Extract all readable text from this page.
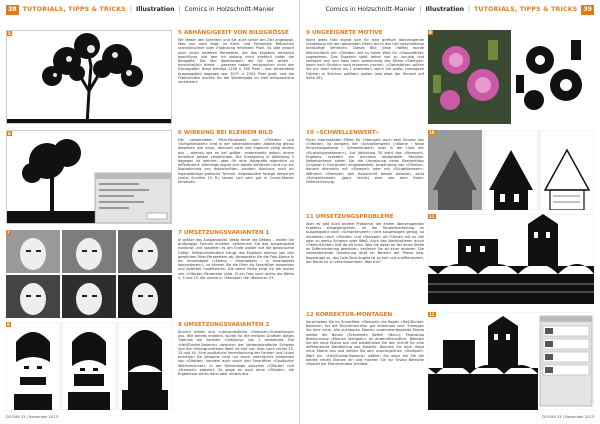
38 TUTORIALS, TIPPS & TRICKS | Illustration | Comics in Holzschnitt-Manier
5	5 ABHÄNGIGKEIT VON BILDGRÖSSE

Wir dieser den Schritten und Sie auch schon am Ziel angelangt. Was nun noch folgt, ist Klein- und Feinarbeit; Retuschen unerwünschter oder Ergänzung fehlender Pixel. Es gibt jedoch noch einen weiteren Parameter, der das Ergebnis erheblich beeinflusst und den ich bislang nicht erwähnt habe: die Bildgröße. Die fünf Abbildungen, die Sie hier sehen – einschließlich dieser – gesehen haben, entsprechen nicht der Druckgröße! Diese beträgt 1258 × 780 Pixel – das verwendete Ausgangsbild dagegen war 2072 × 2304 Pixel groß, und die Filterschritte wurden für die Wiedergabe im Heft entsprechend verkleinert.

6	6 WIRKUNG BEI KLEINEM BILD

Die verwendeten Filter-Parameter von »Ölfarbe« und »Schwellenwert« sind in der nebenstehenden Abbildung genau dieselben wie zuvor, dennoch sieht das Ergebnis völlig anders aus – ebenso wie es bei größer, andererseits jedoch einem erheblich besser vergleichbar. Die Umsetzung in Abbildung 5 dagegen ist weicher, aber für eine Holzgrafik eigentlich zu differenziert. Allerdings eignet sich dieses Verfahren nicht nur zur Nachahmung von Holzschnitten, sondern durchaus auch als eigenständige grafische Technik. Insbesondere farbige Versionen (siehe Schritte 13 ff.) lassen sich sehr gut in Comic-Manier einsetzen.

7	7 UMSETZUNGSVARIANTEN 1

Je größer das Ausgangsbild, desto feiner die Details – wollen Sie großzügige Formen erzielen, verkleinern Sie das Ausgangsbild zunächst und skalieren es am Ende wieder auf die gewünschte Größe. Selbstverständlich hängt das Ergebnis ebenso von den gewählten Filter-Parametern ab. Verwandeln Sie die Foto-Ebene in ein Smartobjekt (»Ebene › Smartobjekt › In Smartobjekt konvertieren«), so können Sie die Filter als Smartfilter anwenden und jederzeit modifizieren. Die obere Reihe zeigt für die ersten vier »Ölfarbe«-Parameter (Abb. 3) ein Foto nach rechts die Werte 2, 5 und 10, die untere in »Stempel« die »Balance« 25.

8	8 UMSETZUNGSVARIANTEN 2

Ähnlich wirken sich unterschiedliche »Stempel«-Einstellungen aus. Wie bereits erwähnt, wurde für die meisten Grafiken dieses Tutorials die normale »Glättung« von 1 verwendet. Die »Hell/Dunkel-Balance« zwischen der Vordergrundfarbe Schwarz und der Hintergrundfarbe Weiß ist hier von links nach rechts 15, 25 und 40. Eine zusätzliche Vereinfachung der Formen und Linien erreichen Sie übrigens nicht nur durch mehrfaches Anwenden von »Ölfarbe«, sondern auch durch den Smartfilter »Gaußscher Weichzeichner«, in der Reihenfolge zwischen »Ölfarbe« und »Stempel« platziert. So geige es auch ohne »Ölfarbe«, die Ergebnisse sehen dann aber anders aus.

DOCMA 33 | November 2013
Comics in Holzschnitt-Manier | Illustration | TUTORIALS, TIPPS & TRICKS 39
9 UNGEEIGNETE MOTIVE

Nicht jedes Foto eignet sich für eine grafisch überzeugende Umsetzung mit den genannten Filtern durch das hier beschriebene dreistufige Verfahren. Dieses Bild (linke Hälfte) wurde offensichtlich mit »Ölfarbe« wie zu hoher Wert für »Glanzstärke« zugewiesen. Das Ergebnis sieht daher viel zu unruhig und zerfasert aus und lässt nach Anwendung des Filters »Stempel« kaum noch Struktur nach erkennen (rechts). »Glanzstärke« sollten Sie nur dann höher als 1 anwenden, wenn Sie große, homogene Flächen in Strichen auflösen wollen (wie etwa der Himmel auf Seite 28).

9
10 »SCHWELLENWERT«

Einen interessanten Effekt für »Stempel« auch dem Einsatz von »Ölfarbe«, ist übrigens der »Schwellenwert« (»Ebene › Neue Einstellungsebene › Schwellenwert« oder in der Liste der »Einstellungsebenen«). Auf Abbildung 30 sieht das »Stempel«-Ergebnis, entsteht ein durchaus akzeptabler Resultat. Nebenstehend sehen Sie die Umsetzung eines Ebenenfotos (Original in Graustufen umgewandelt). Anwendung von »Ölfarbe«, danach alternativ mit »Stempel« oder mit »Schwellenwert«. Während »Stempel« den Holzschnitt besser betonen, wirkt »Schwellenwert« (ganz rechts) eher wie eine Feder-Federzeichnung.

10
11 UMSETZUNGSPROBLEME

Aber es gibt auch andere Probleme, die einem überzeugenden Ergebnis entgegenstehen. Ist die Tonwertverteilung im Ausgangsbild nach »Schwellenwert« nicht ausgewogen genug, so entstehen nach »Ölfarbe« und »Stempel« oft Flächen mit zu viel oder zu wenig Schwarz oder Weiß. Auch das Nachjustieren durch »Tiefen/Lichter« hilft da oft nicht. Was Sie dabei an der einen Stelle an Differenzierung gewinnen, verlieren Sie an einer anderen. Die nebenstehende Umsetzung läuft im Bereich der Preise bzw. Kegelkugel zu, das Cafe-Tand Angelo ist zu hell und undifferenziert, der Baum ist zu verschwommen. Was tun?

11
12 KORREKTUR-MONTAGEN

Verschieben Sie im Smartfilter »Stempel« die Regler »Hell/Dunkel-Balance«, bis die Brückenstruktur gut erkennbar sind. Erzeugen Sie eine neue, alle sichtbaren Ebenen zusammenfassende Ebene wieder die Neuen (Eckumkehr Befehl »Neu«). Photoshop Bezeichnung »Ebenen stempeln« ist anwendfreundlich. Blenden Sie die neue Ebene aus und wiederholen Sie den Schritt für eine differenzierte Darstellung des Kastells. Blenden Sie auch diese neue Ebene aus und stellen Sie den ursprünglichen »Stempel«-Wert ein. »Hell/Dunkel-Balance« wählen Sie dann die Sie die beiden neuen Ebenen ein und machen Sie nur Ersatz Bereiche »Kastell per Ebenenmaske sichtbar.

12
DOCMA 33 | November 2013
